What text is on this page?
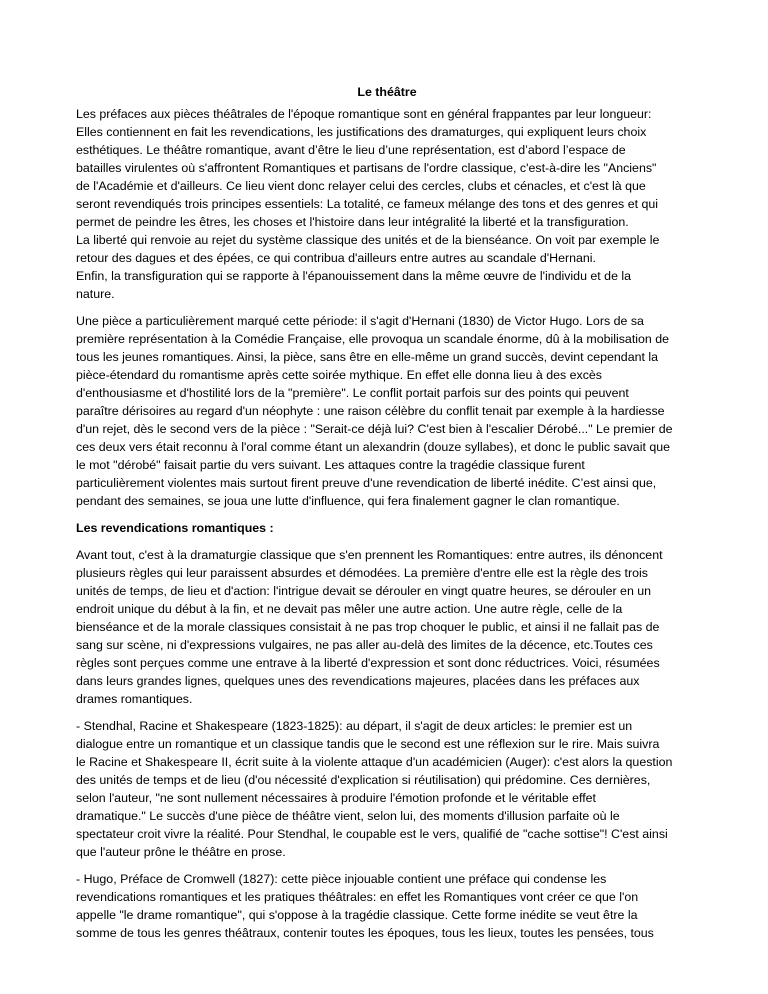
Le théâtre
Les préfaces aux pièces théâtrales de l'époque romantique sont en général frappantes par leur longueur:
Elles contiennent en fait les revendications, les justifications des dramaturges, qui expliquent leurs choix
esthétiques. Le théâtre romantique, avant d’être le lieu d’une représentation, est d’abord l’espace de
batailles virulentes où s'affrontent Romantiques et partisans de l'ordre classique, c'est-à-dire les "Anciens"
de l'Académie et d'ailleurs. Ce lieu vient donc relayer celui des cercles, clubs et cénacles, et c'est là que
seront revendiqués trois principes essentiels: La totalité, ce fameux mélange des tons et des genres et qui
permet de peindre les êtres, les choses et l'histoire dans leur intégralité la liberté et la transfiguration.
La liberté qui renvoie au rejet du système classique des unités et de la bienséance. On voit par exemple le
retour des dagues et des épées, ce qui contribua d'ailleurs entre autres au scandale d'Hernani.
Enfin, la transfiguration qui se rapporte à l'épanouissement dans la même œuvre de l'individu et de la
nature.
Une pièce a particulièrement marqué cette période: il s'agit d'Hernani (1830) de Victor Hugo. Lors de sa
première représentation à la Comédie Française, elle provoqua un scandale énorme, dû à la mobilisation de
tous les jeunes romantiques. Ainsi, la pièce, sans être en elle-même un grand succès, devint cependant la
pièce-étendard du romantisme après cette soirée mythique. En effet elle donna lieu à des excès
d'enthousiasme et d'hostilité lors de la "première". Le conflit portait parfois sur des points qui peuvent
paraître dérisoires au regard d'un néophyte : une raison célèbre du conflit tenait par exemple à la hardiesse
d'un rejet, dès le second vers de la pièce : "Serait-ce déjà lui? C'est bien à l'escalier Dérobé..." Le premier de
ces deux vers était reconnu à l'oral comme étant un alexandrin (douze syllabes), et donc le public savait que
le mot "dérobé" faisait partie du vers suivant. Les attaques contre la tragédie classique furent
particulièrement violentes mais surtout firent preuve d'une revendication de liberté inédite. C’est ainsi que,
pendant des semaines, se joua une lutte d'influence, qui fera finalement gagner le clan romantique.
Les revendications romantiques :
Avant tout, c'est à la dramaturgie classique que s'en prennent les Romantiques: entre autres, ils dénoncent
plusieurs règles qui leur paraissent absurdes et démodées. La première d'entre elle est la règle des trois
unités de temps, de lieu et d'action: l'intrigue devait se dérouler en vingt quatre heures, se dérouler en un
endroit unique du début à la fin, et ne devait pas mêler une autre action. Une autre règle, celle de la
bienséance et de la morale classiques consistait à ne pas trop choquer le public, et ainsi il ne fallait pas de
sang sur scène, ni d'expressions vulgaires, ne pas aller au-delà des limites de la décence, etc.Toutes ces
règles sont perçues comme une entrave à la liberté d'expression et sont donc réductrices. Voici, résumées
dans leurs grandes lignes, quelques unes des revendications majeures, placées dans les préfaces aux
drames romantiques.
- Stendhal, Racine et Shakespeare (1823-1825): au départ, il s'agit de deux articles: le premier est un
dialogue entre un romantique et un classique tandis que le second est une réflexion sur le rire. Mais suivra
le Racine et Shakespeare II, écrit suite à la violente attaque d'un académicien (Auger): c'est alors la question
des unités de temps et de lieu (d'ou nécessité d'explication si réutilisation) qui prédomine. Ces dernières,
selon l'auteur, "ne sont nullement nécessaires à produire l'émotion profonde et le véritable effet
dramatique." Le succès d'une pièce de théâtre vient, selon lui, des moments d'illusion parfaite où le
spectateur croit vivre la réalité. Pour Stendhal, le coupable est le vers, qualifié de "cache sottise"! C'est ainsi
que l'auteur prône le théâtre en prose.
- Hugo, Préface de Cromwell (1827): cette pièce injouable contient une préface qui condense les
revendications romantiques et les pratiques théâtrales: en effet les Romantiques vont créer ce que l'on
appelle "le drame romantique", qui s'oppose à la tragédie classique. Cette forme inédite se veut être la
somme de tous les genres théâtraux, contenir toutes les époques, tous les lieux, toutes les pensées, tous
